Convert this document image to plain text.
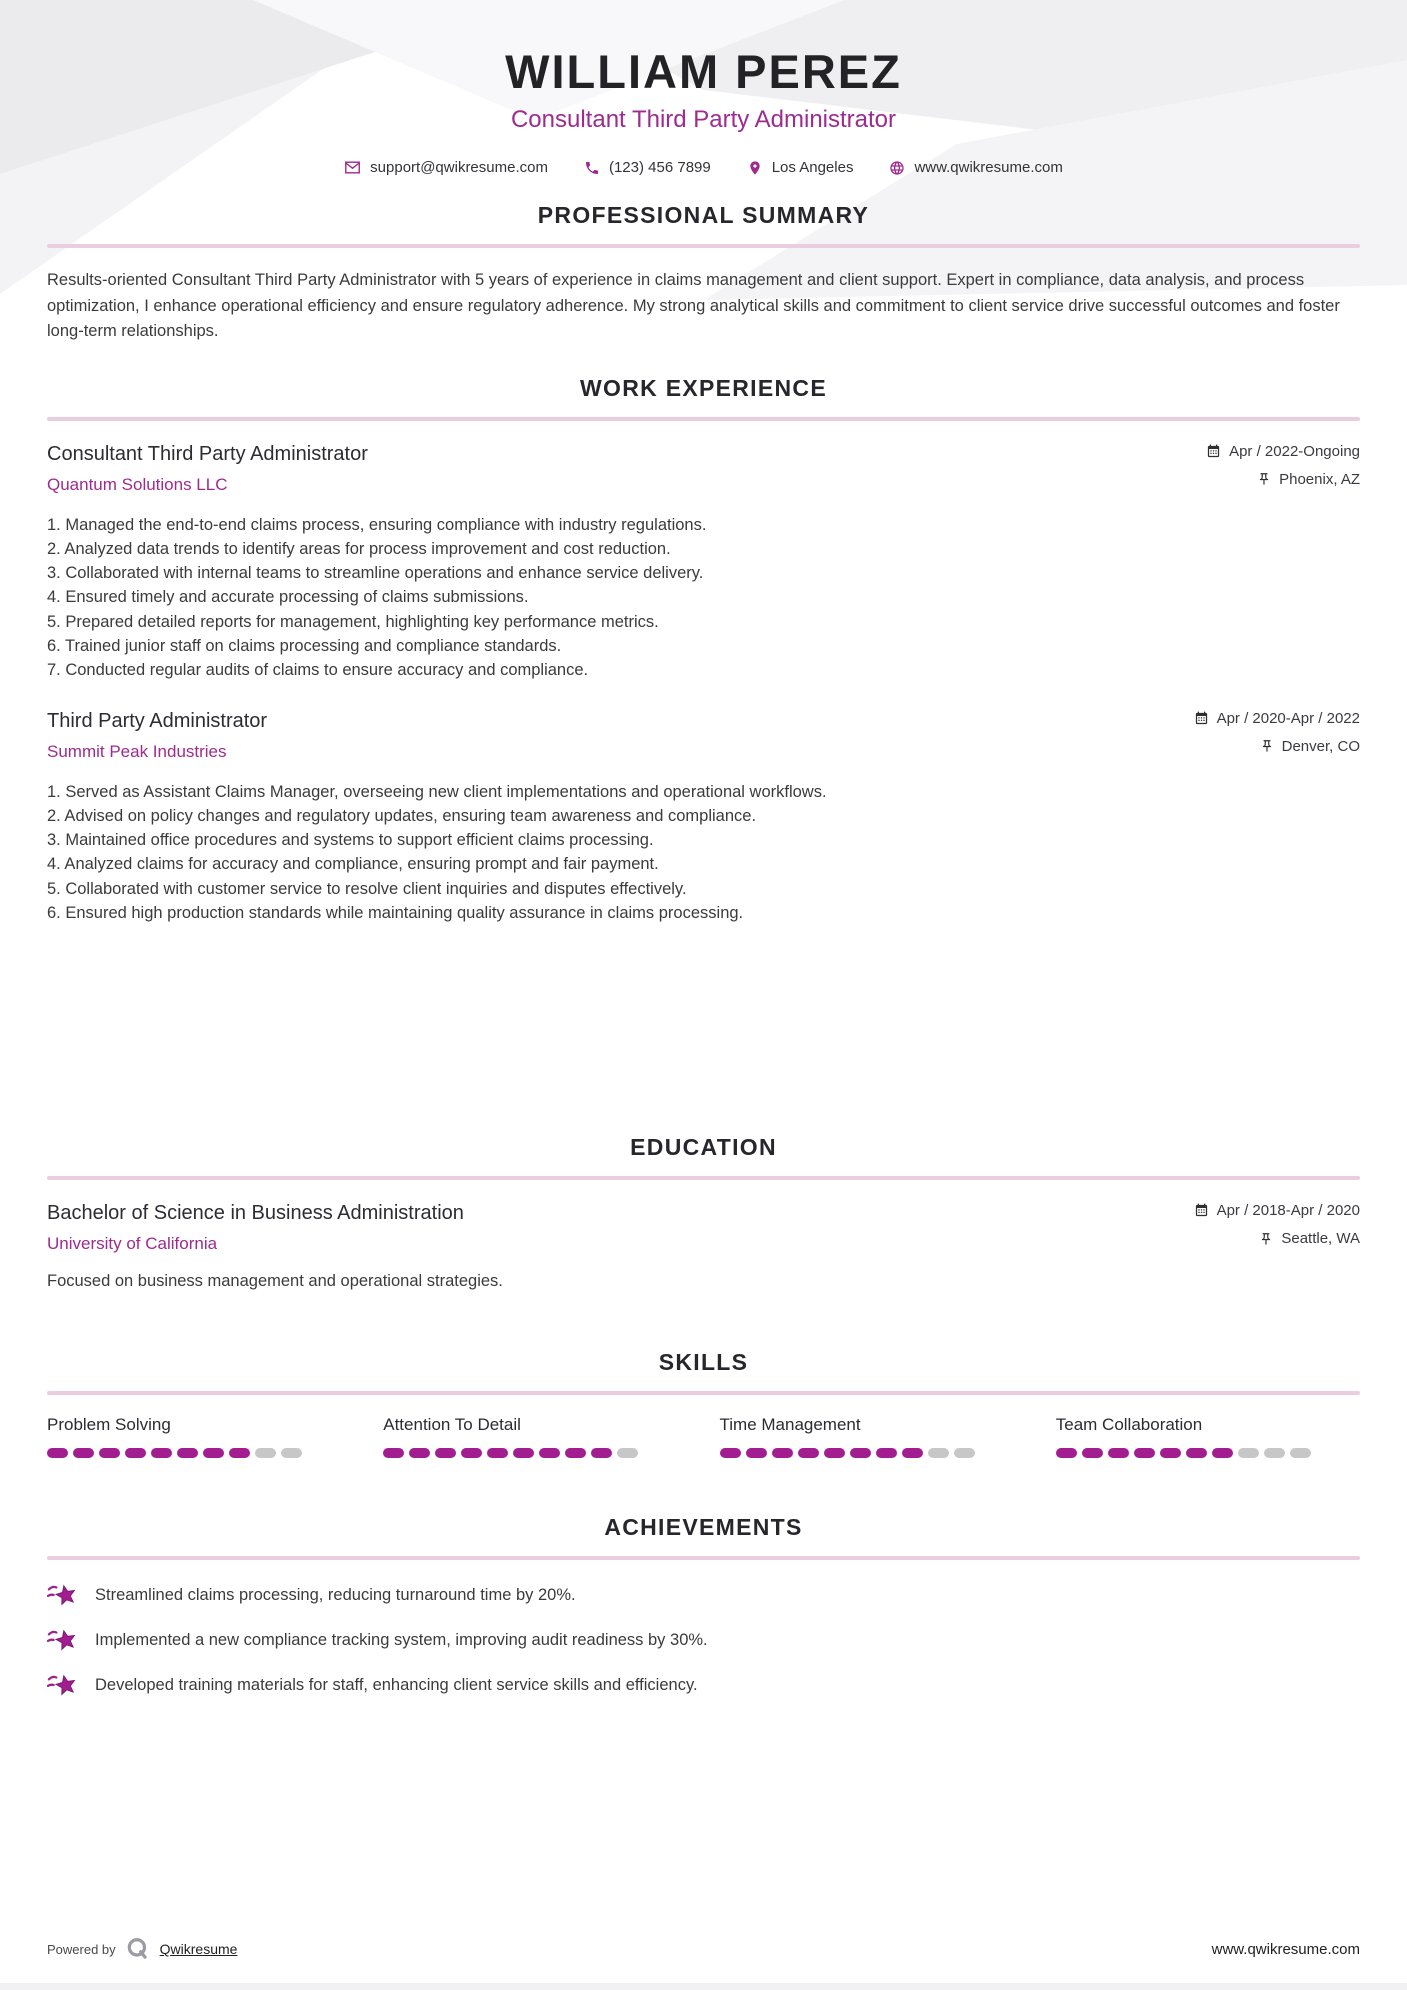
WILLIAM PEREZ
Consultant Third Party Administrator
support@qwikresume.com	(123) 456 7899	Los Angeles	www.qwikresume.com
PROFESSIONAL SUMMARY

Results-oriented Consultant Third Party Administrator with 5 years of experience in claims management and client support. Expert in compliance, data analysis, and process optimization, I enhance operational efficiency and ensure regulatory adherence. My strong analytical skills and commitment to client service drive successful outcomes and foster long-term relationships.

WORK EXPERIENCE
Consultant Third Party Administrator
Quantum Solutions LLC
Apr / 2022-Ongoing
Phoenix, AZ
1. Managed the end-to-end claims process, ensuring compliance with industry regulations.
2. Analyzed data trends to identify areas for process improvement and cost reduction.
3. Collaborated with internal teams to streamline operations and enhance service delivery.
4. Ensured timely and accurate processing of claims submissions.
5. Prepared detailed reports for management, highlighting key performance metrics.
6. Trained junior staff on claims processing and compliance standards.
7. Conducted regular audits of claims to ensure accuracy and compliance.
Third Party Administrator
Summit Peak Industries
Apr / 2020-Apr / 2022
Denver, CO
1. Served as Assistant Claims Manager, overseeing new client implementations and operational workflows.
2. Advised on policy changes and regulatory updates, ensuring team awareness and compliance.
3. Maintained office procedures and systems to support efficient claims processing.
4. Analyzed claims for accuracy and compliance, ensuring prompt and fair payment.
5. Collaborated with customer service to resolve client inquiries and disputes effectively.
6. Ensured high production standards while maintaining quality assurance in claims processing.
EDUCATION
Bachelor of Science in Business Administration
University of California
Apr / 2018-Apr / 2020
Seattle, WA

Focused on business management and operational strategies.

SKILLS
Problem Solving	Attention To Detail	Time Management	Team Collaboration
ACHIEVEMENTS
Streamlined claims processing, reducing turnaround time by 20%.
Implemented a new compliance tracking system, improving audit readiness by 30%.
Developed training materials for staff, enhancing client service skills and efficiency.
Powered by	Qwikresume	www.qwikresume.com
